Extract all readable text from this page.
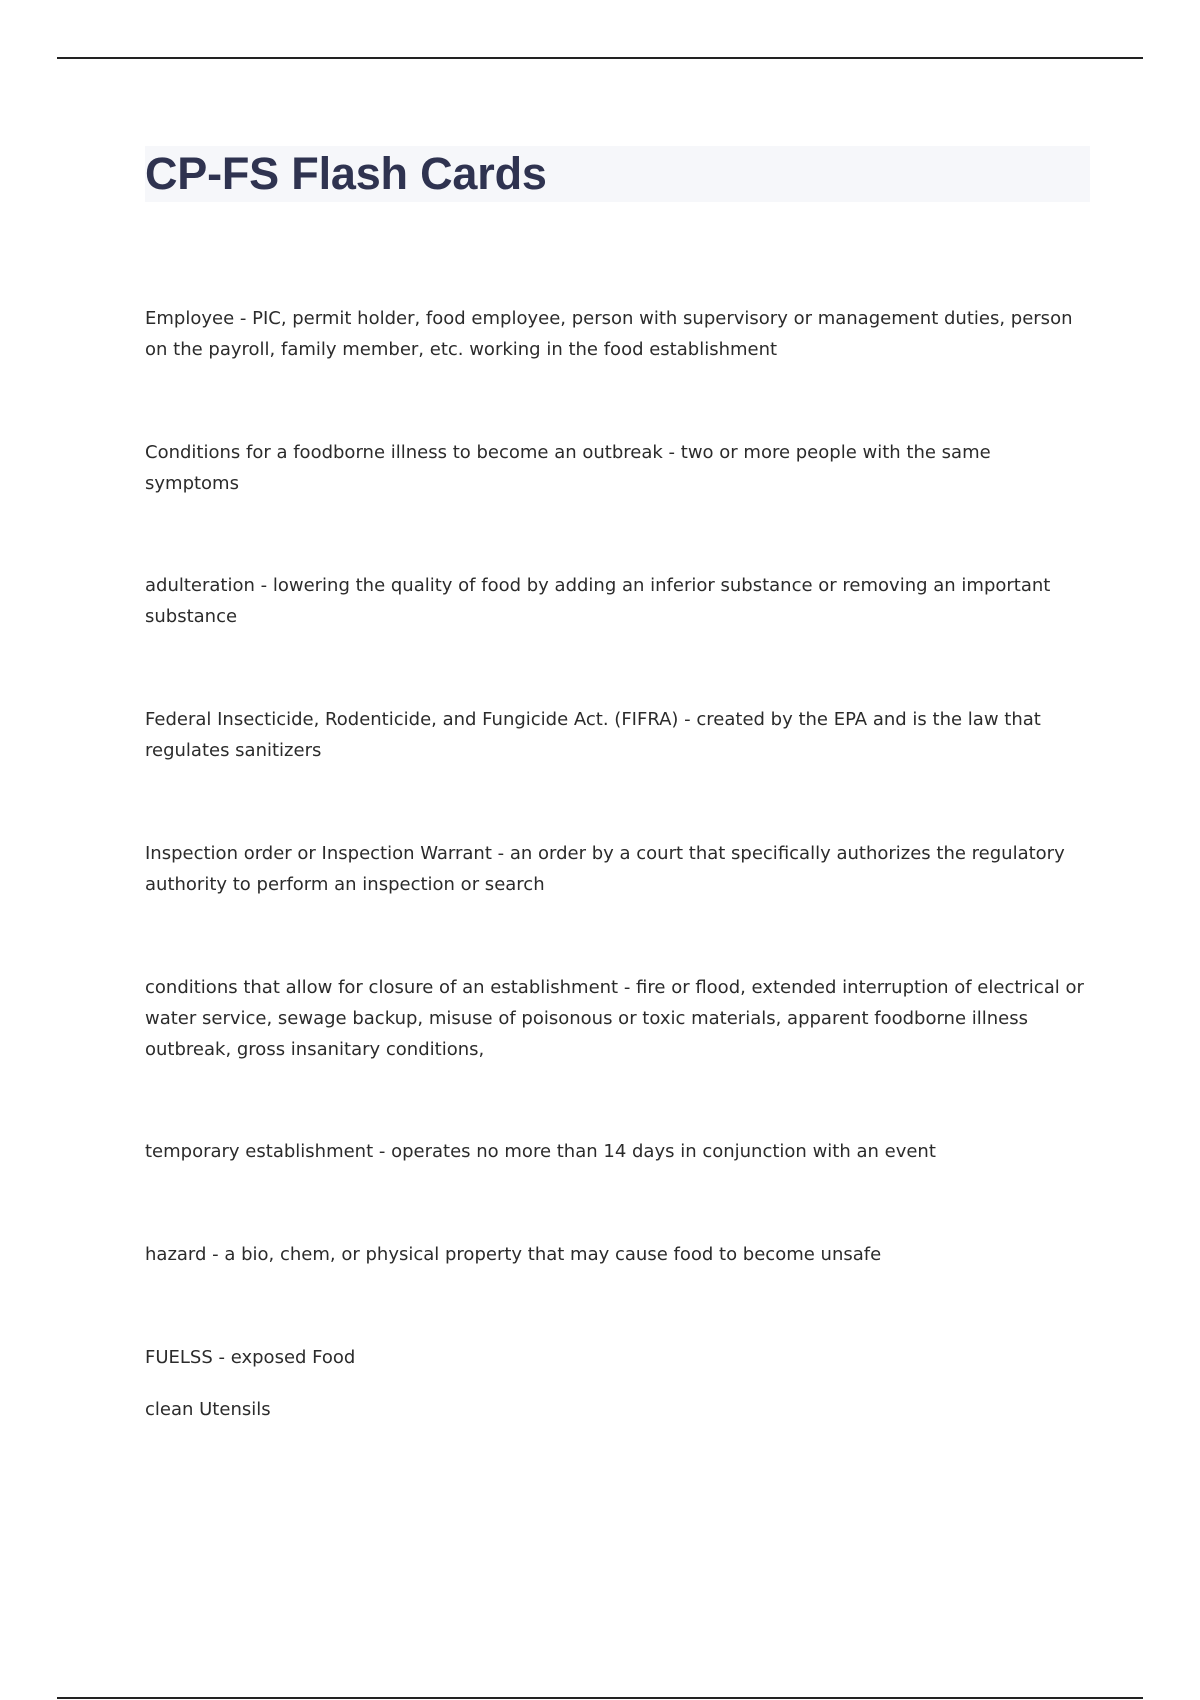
CP-FS Flash Cards

Employee - PIC, permit holder, food employee, person with supervisory or management duties, person on the payroll, family member, etc. working in the food establishment

Conditions for a foodborne illness to become an outbreak - two or more people with the same symptoms

adulteration - lowering the quality of food by adding an inferior substance or removing an important substance

Federal Insecticide, Rodenticide, and Fungicide Act. (FIFRA) - created by the EPA and is the law that regulates sanitizers

Inspection order or Inspection Warrant - an order by a court that specifically authorizes the regulatory authority to perform an inspection or search

conditions that allow for closure of an establishment - fire or flood, extended interruption of electrical or water service, sewage backup, misuse of poisonous or toxic materials, apparent foodborne illness outbreak, gross insanitary conditions,

temporary establishment - operates no more than 14 days in conjunction with an event

hazard - a bio, chem, or physical property that may cause food to become unsafe

FUELSS - exposed Food

clean Utensils
